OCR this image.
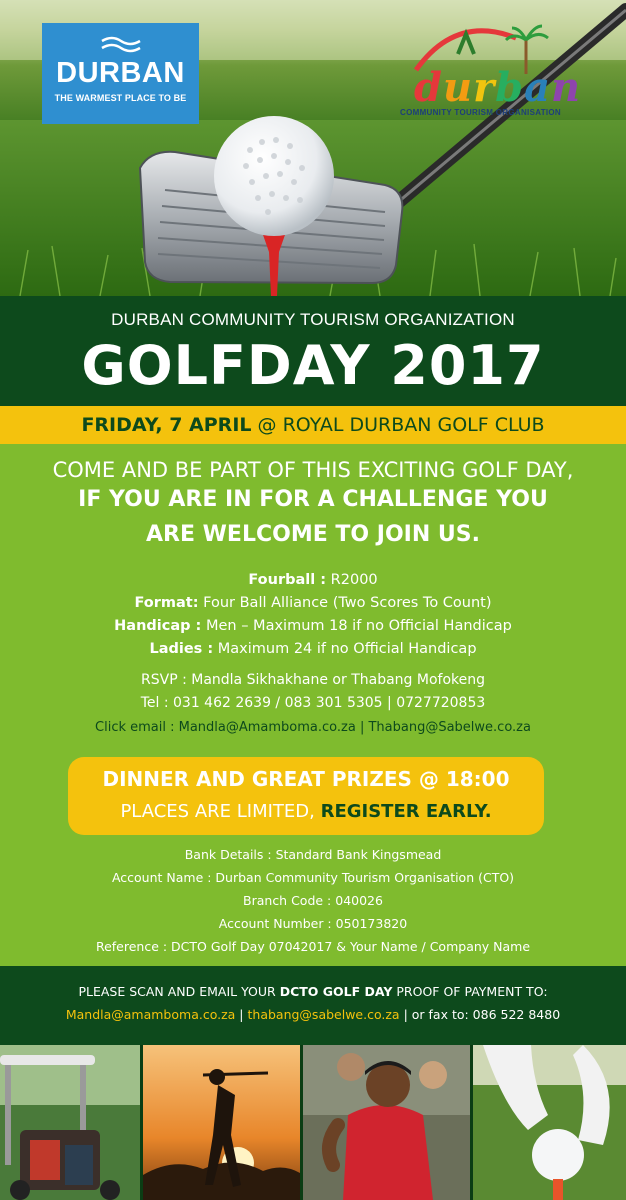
DURBAN
THE WARMEST PLACE TO BE	durban
COMMUNITY TOURISM ORGANISATION
DURBAN COMMUNITY TOURISM ORGANIZATION
GOLFDAY 2017
FRIDAY, 7 APRIL @ ROYAL DURBAN GOLF CLUB
COME AND BE PART OF THIS EXCITING GOLF DAY,
IF YOU ARE IN FOR A CHALLENGE YOU
ARE WELCOME TO JOIN US.
Fourball : R2000
Format: Four Ball Alliance (Two Scores To Count)
Handicap : Men – Maximum 18 if no Official Handicap
Ladies : Maximum 24 if no Official Handicap
RSVP : Mandla Sikhakhane or Thabang Mofokeng
Tel : 031 462 2639 / 083 301 5305 | 0727720853
Click email : Mandla@Amamboma.co.za | Thabang@Sabelwe.co.za
DINNER AND GREAT PRIZES @ 18:00
PLACES ARE LIMITED, REGISTER EARLY.
Bank Details : Standard Bank Kingsmead
Account Name : Durban Community Tourism Organisation (CTO)
Branch Code : 040026
Account Number : 050173820
Reference : DCTO Golf Day 07042017 & Your Name / Company Name
PLEASE SCAN AND EMAIL YOUR DCTO GOLF DAY PROOF OF PAYMENT TO:
Mandla@amamboma.co.za | thabang@sabelwe.co.za | or fax to: 086 522 8480
